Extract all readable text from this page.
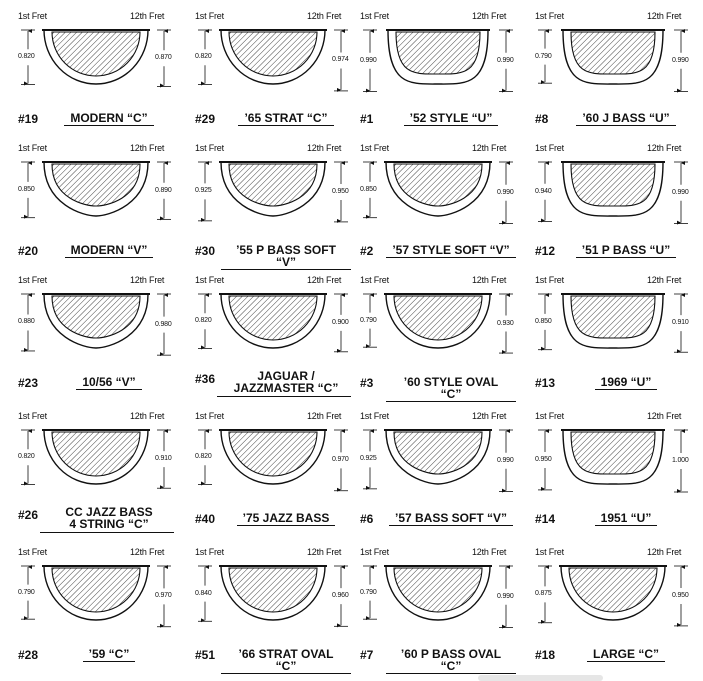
1st Fret	12th Fret
0.820	0.870
#19	MODERN “C”
1st Fret	12th Fret
0.820	0.974
#29	’65 STRAT “C”
1st Fret	12th Fret
0.990	0.990
#1	’52 STYLE “U”
1st Fret	12th Fret
0.790
0.990
#8	’60 J BASS “U”
1st Fret	12th Fret
0.850	0.890
#20	MODERN “V”
1st Fret	12th Fret
0.925	0.950
#30	’55 P BASS SOFT “V”
1st Fret	12th Fret
0.850	0.990
#2	’57 STYLE SOFT “V”
1st Fret	12th Fret
0.940	0.990
#12	’51 P BASS “U”
1st Fret	12th Fret
0.880	0.980
#23	10/56 “V”
1st Fret	12th Fret
0.820	0.900
#36	JAGUAR /
JAZZMASTER “C”
1st Fret	12th Fret
0.790	0.930
#3	’60 STYLE OVAL “C”
1st Fret	12th Fret
0.850	0.910
#13	1969 “U”
1st Fret	12th Fret
0.820	0.910
#26 CC JAZZ BASS
4 STRING “C”
1st Fret	12th Fret
0.820	0.970
#40	’75 JAZZ BASS
1st Fret	12th Fret
0.925	0.990
#6	’57 BASS SOFT “V”
1st Fret	12th Fret
0.950	1.000
#14	1951 “U”
1st Fret	12th Fret
0.790
0.970
#28	’59 “C”
1st Fret	12th Fret
0.840	0.960
#51	’66 STRAT OVAL “C”
1st Fret	12th Fret
0.790
0.990
#7	’60 P BASS OVAL “C”
1st Fret	12th Fret
0.875	0.950
#18	LARGE “C”
